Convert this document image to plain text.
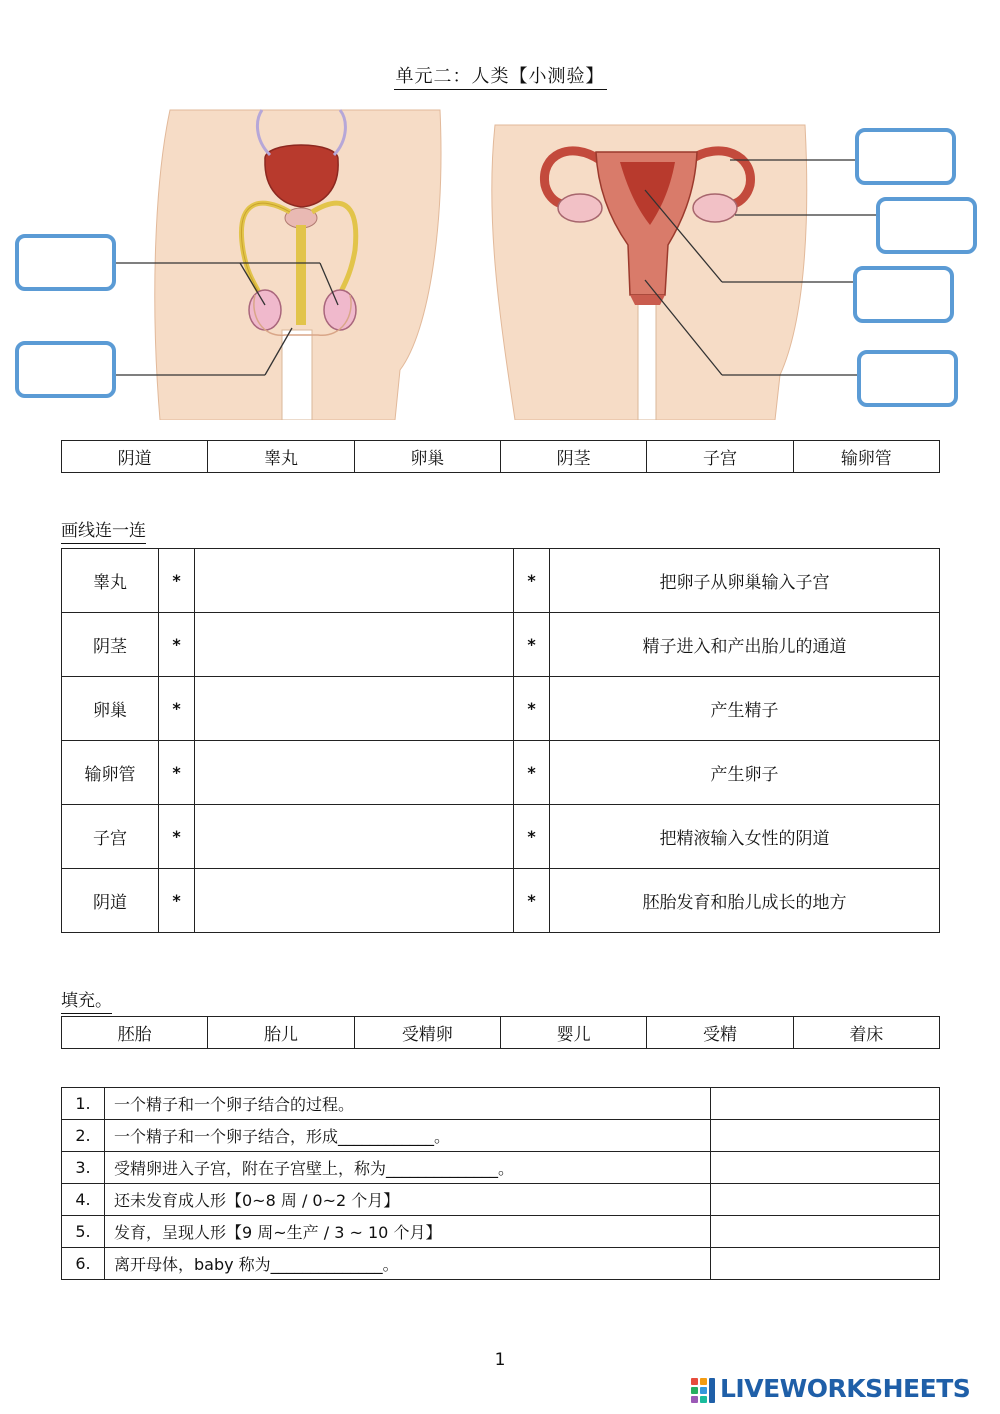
单元二：人类【小测验】
阴道	睾丸	卵巢	阴茎	子宫	输卵管
画线连一连
睾丸	*		*	把卵子从卵巢输入子宫
阴茎	*		*	精子进入和产出胎儿的通道
卵巢	*		*	产生精子
输卵管	*		*	产生卵子
子宫	*		*	把精液输入女性的阴道
阴道	*		*	胚胎发育和胎儿成长的地方
填充。
胚胎	胎儿	受精卵	婴儿	受精	着床
1.	一个精子和一个卵子结合的过程。	
2.	一个精子和一个卵子结合，形成____________。	
3.	受精卵进入子宫，附在子宫壁上，称为______________。	
4.	还未发育成人形【0~8 周 / 0~2 个月】	
5.	发育，呈现人形【9 周~生产 / 3 ~ 10 个月】	
6.	离开母体，baby 称为______________。	
1
LIVEWORKSHEETS
